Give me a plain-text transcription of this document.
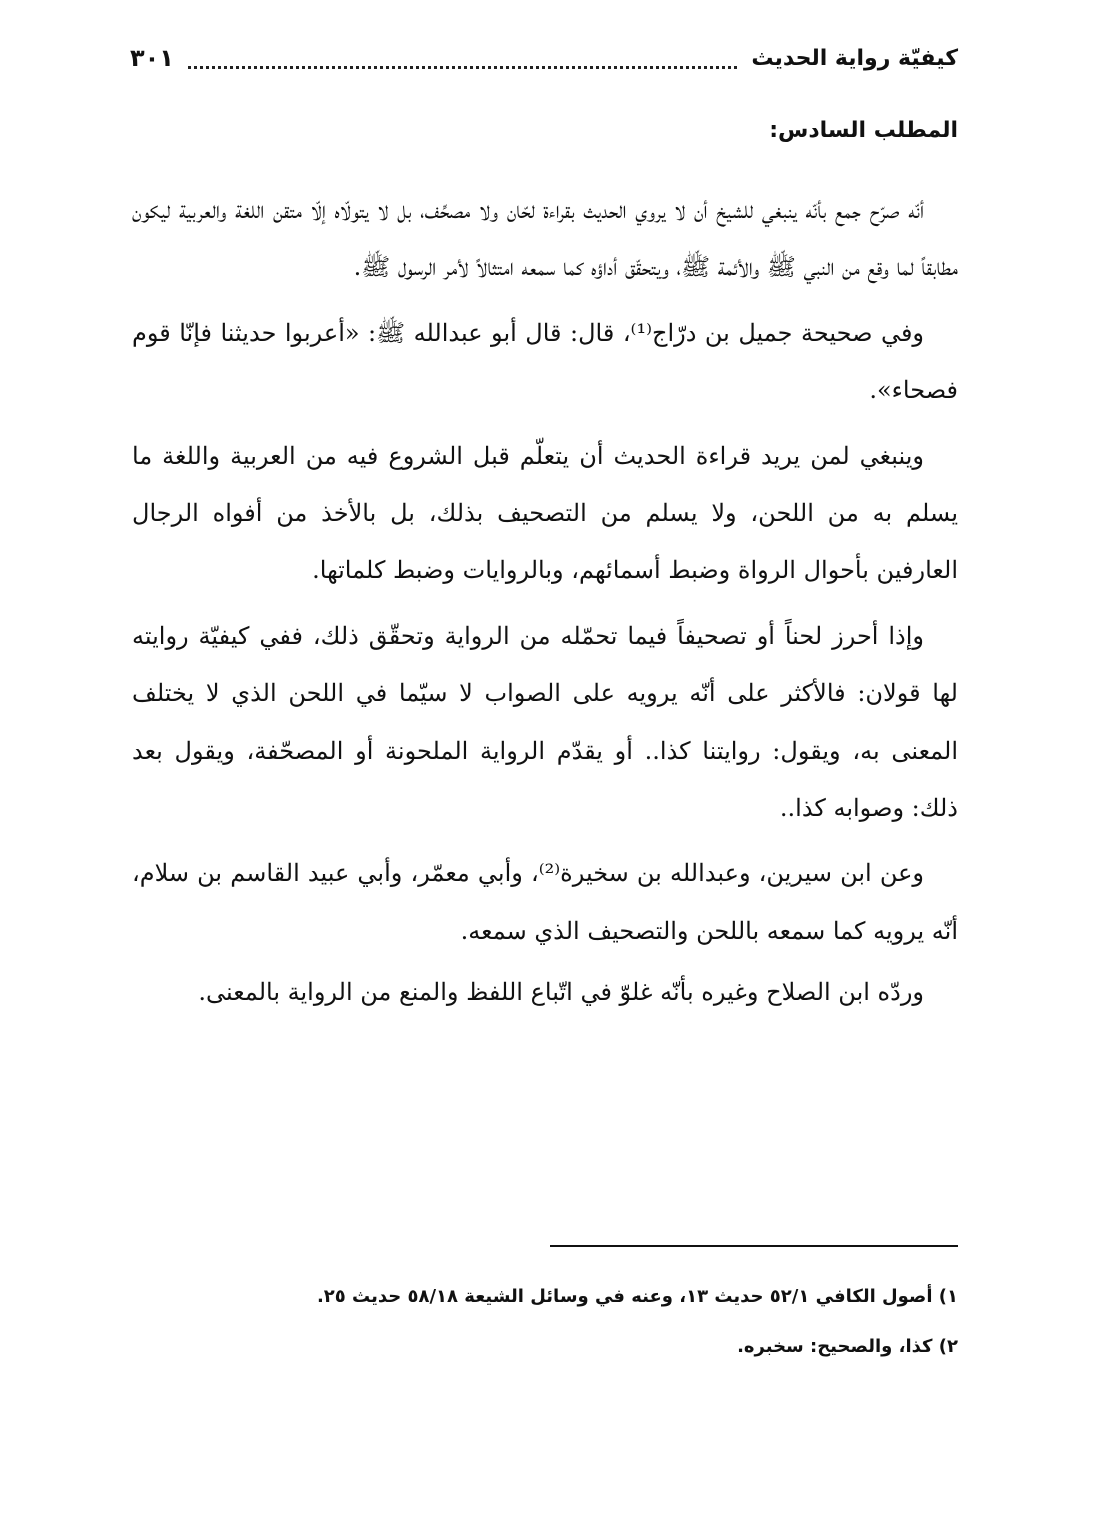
كيفيّة رواية الحديث
٣٠١
المطلب السادس:

أنّه صرّح جمع بأنّه ينبغي للشيخ أن لا يروي الحديث بقراءة لحّان ولا مصحِّف، بل لا يتولّاه إلّا متقن اللغة والعربية ليكون مطابقاً لما وقع من النبي ﷺ والأئمة ﷺ، ويتحقّق أداؤه كما سمعه امتثالاً لأمر الرسول ﷺ.

وفي صحيحة جميل بن درّاج⁽¹⁾، قال: قال أبو عبدالله ﷺ: «أعربوا حديثنا فإنّا قوم فصحاء».

وينبغي لمن يريد قراءة الحديث أن يتعلّم قبل الشروع فيه من العربية واللغة ما يسلم به من اللحن، ولا يسلم من التصحيف بذلك، بل بالأخذ من أفواه الرجال العارفين بأحوال الرواة وضبط أسمائهم، وبالروايات وضبط كلماتها.

وإذا أحرز لحناً أو تصحيفاً فيما تحمّله من الرواية وتحقّق ذلك، ففي كيفيّة روايته لها قولان: فالأكثر على أنّه يرويه على الصواب لا سيّما في اللحن الذي لا يختلف المعنى به، ويقول: روايتنا كذا.. أو يقدّم الرواية الملحونة أو المصحّفة، ويقول بعد ذلك: وصوابه كذا..

وعن ابن سيرين، وعبدالله بن سخيرة⁽²⁾، وأبي معمّر، وأبي عبيد القاسم بن سلام، أنّه يرويه كما سمعه باللحن والتصحيف الذي سمعه.

وردّه ابن الصلاح وغيره بأنّه غلوّ في اتّباع اللفظ والمنع من الرواية بالمعنى.

١) أصول الكافي ٥٢/١ حديث ١٣، وعنه في وسائل الشيعة ٥٨/١٨ حديث ٢٥.

٢) كذا، والصحيح: سخبره.
